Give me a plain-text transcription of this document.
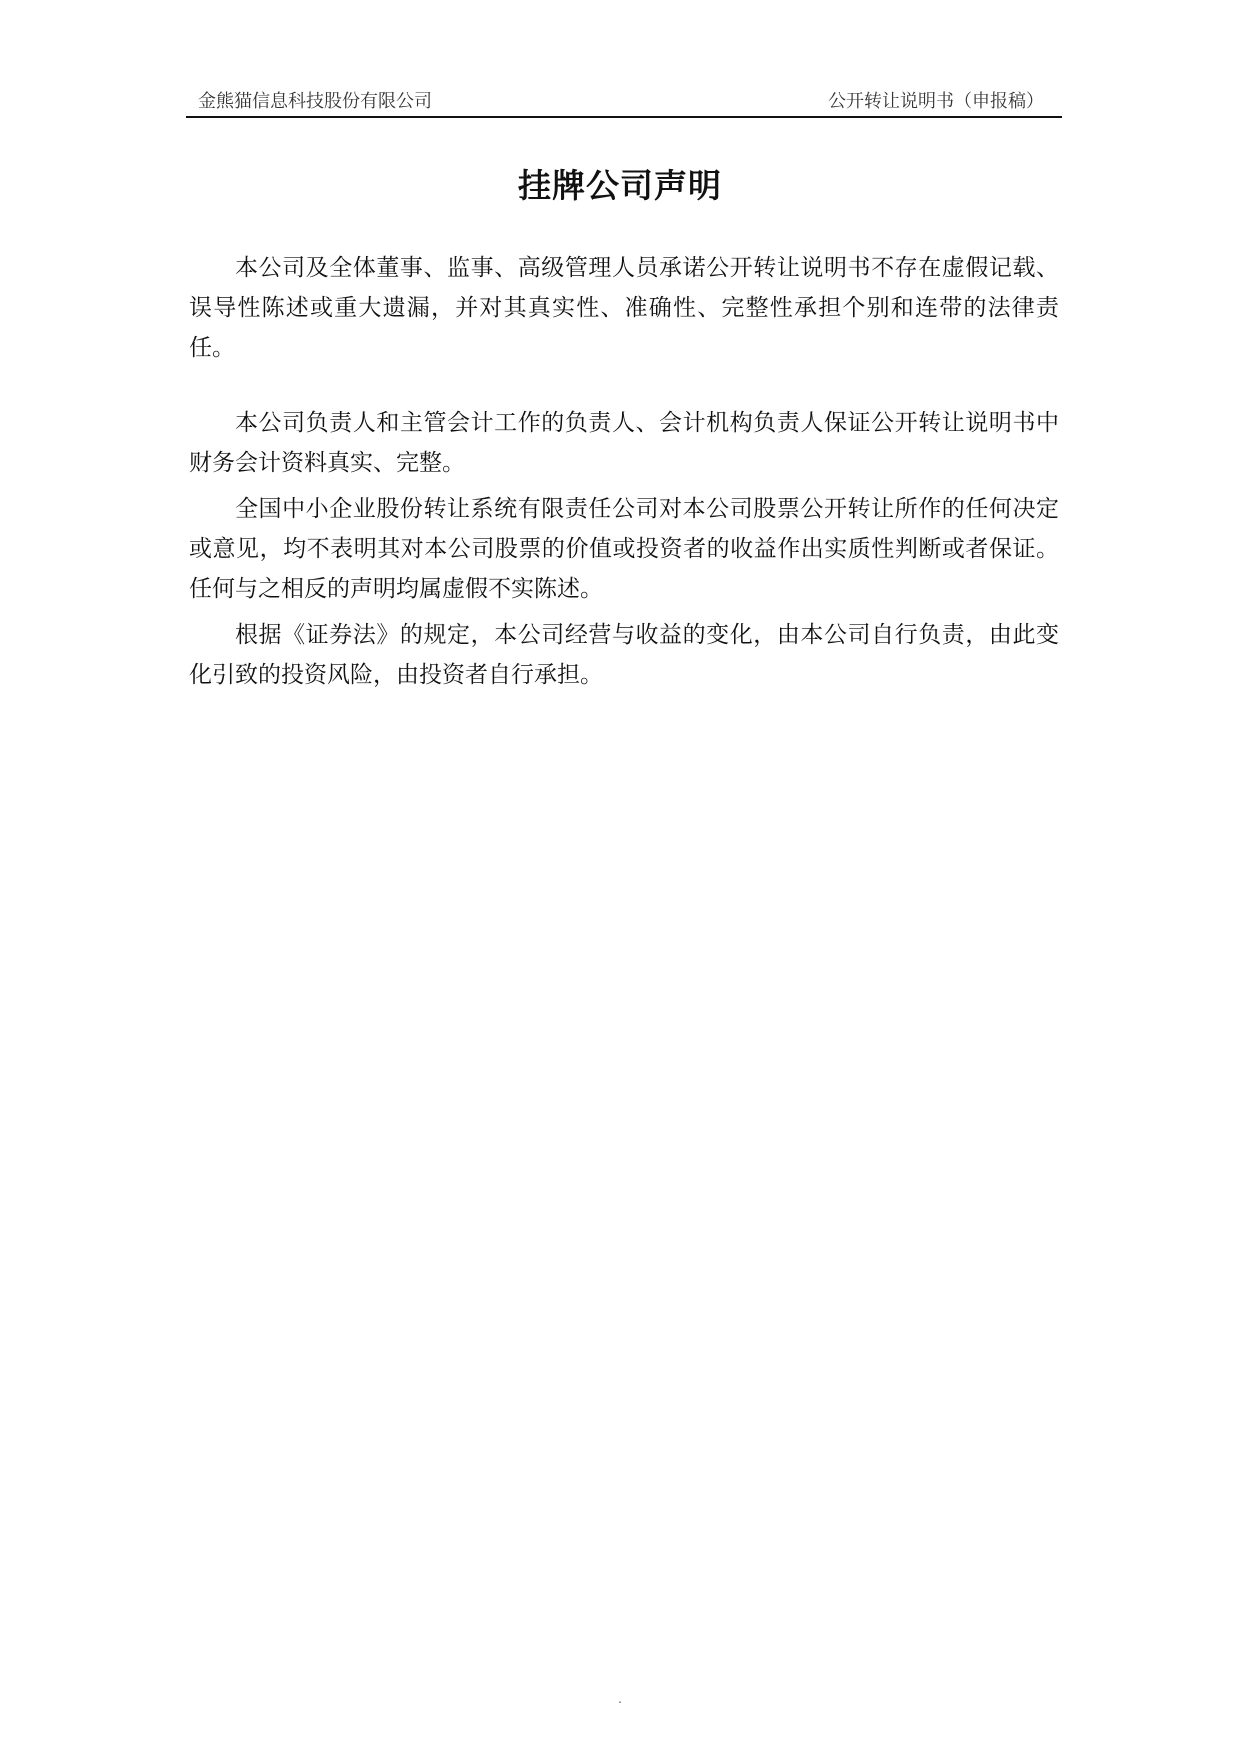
金熊猫信息科技股份有限公司	公开转让说明书（申报稿）
挂牌公司声明

本公司及全体董事、监事、高级管理人员承诺公开转让说明书不存在虚假记载、误导性陈述或重大遗漏，并对其真实性、准确性、完整性承担个别和连带的法律责任。

本公司负责人和主管会计工作的负责人、会计机构负责人保证公开转让说明书中财务会计资料真实、完整。

全国中小企业股份转让系统有限责任公司对本公司股票公开转让所作的任何决定或意见，均不表明其对本公司股票的价值或投资者的收益作出实质性判断或者保证。任何与之相反的声明均属虚假不实陈述。

根据《证券法》的规定，本公司经营与收益的变化，由本公司自行负责，由此变化引致的投资风险，由投资者自行承担。

.
